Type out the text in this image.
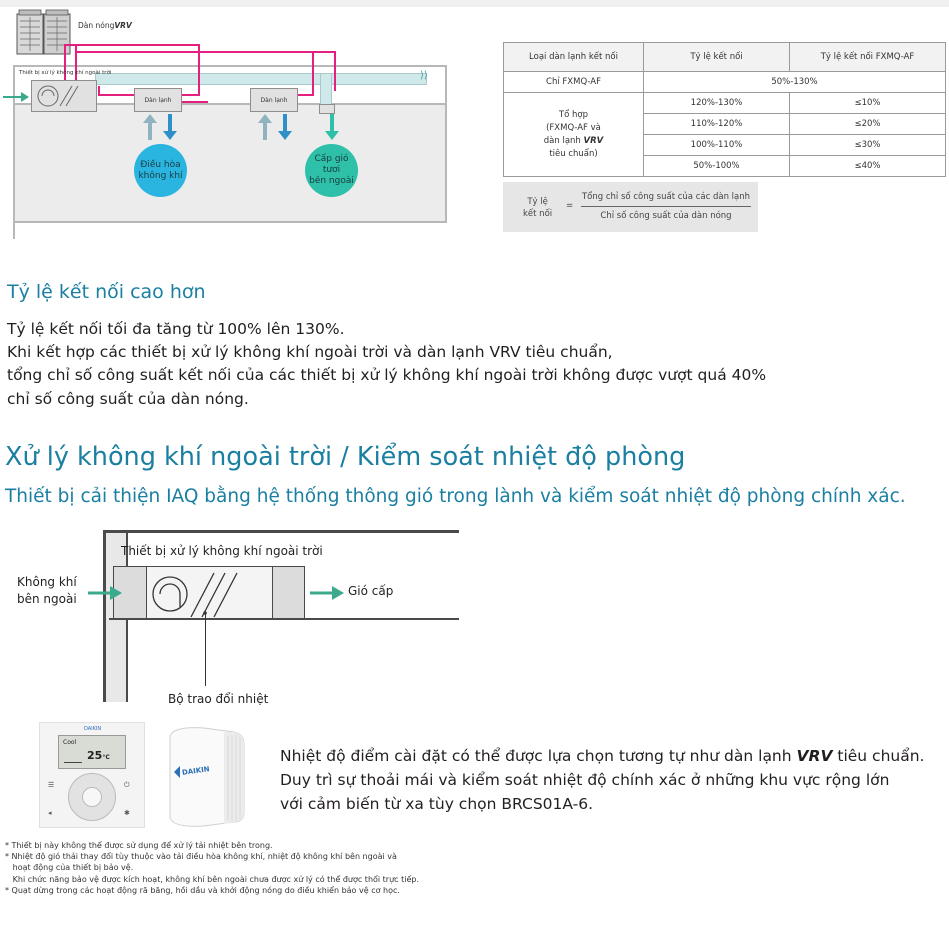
Dàn nóngVRV
⟩⟩
Thiết bị xử lý không khí ngoài trời
Dàn lạnh	Dàn lạnh
Điều hòa
không khí
Cấp gió tươi
bên ngoài
Loại dàn lạnh kết nối	Tỷ lệ kết nối	Tỷ lệ kết nối FXMQ-AF
Chỉ FXMQ-AF	50%-130%	
Tổ hợp
(FXMQ-AF và
dàn lạnh VRV
tiêu chuẩn)	120%-130%	≤10%
	110%-120%	≤20%
	100%-110%	≤30%
	50%-100%	≤40%
Tỷ lệ
kết nối
=
Tổng chỉ số công suất của các dàn lạnh
Chỉ số công suất của dàn nóng
Tỷ lệ kết nối cao hơn
Tỷ lệ kết nối tối đa tăng từ 100% lên 130%.
Khi kết hợp các thiết bị xử lý không khí ngoài trời và dàn lạnh VRV tiêu chuẩn,
tổng chỉ số công suất kết nối của các thiết bị xử lý không khí ngoài trời không được vượt quá 40%
chỉ số công suất của dàn nóng.
Xử lý không khí ngoài trời / Kiểm soát nhiệt độ phòng
Thiết bị cải thiện IAQ bằng hệ thống thông gió trong lành và kiểm soát nhiệt độ phòng chính xác.
Thiết bị xử lý không khí ngoài trời
Không khí
bên ngoài
Gió cấp
Bộ trao đổi nhiệt
DAIKIN
Cool
25°C
☰	⏻
◂	✱
DAIKIN
Nhiệt độ điểm cài đặt có thể được lựa chọn tương tự như dàn lạnh VRV tiêu chuẩn.
Duy trì sự thoải mái và kiểm soát nhiệt độ chính xác ở những khu vực rộng lớn
với cảm biến từ xa tùy chọn BRCS01A-6.
* Thiết bị này không thể được sử dụng để xử lý tải nhiệt bên trong.
* Nhiệt độ gió thải thay đổi tùy thuộc vào tải điều hòa không khí, nhiệt độ không khí bên ngoài và
hoạt động của thiết bị bảo vệ.
Khi chức năng bảo vệ được kích hoạt, không khí bên ngoài chưa được xử lý có thể được thổi trực tiếp.
* Quạt dừng trong các hoạt động rã băng, hồi dầu và khởi động nóng do điều khiển bảo vệ cơ học.
